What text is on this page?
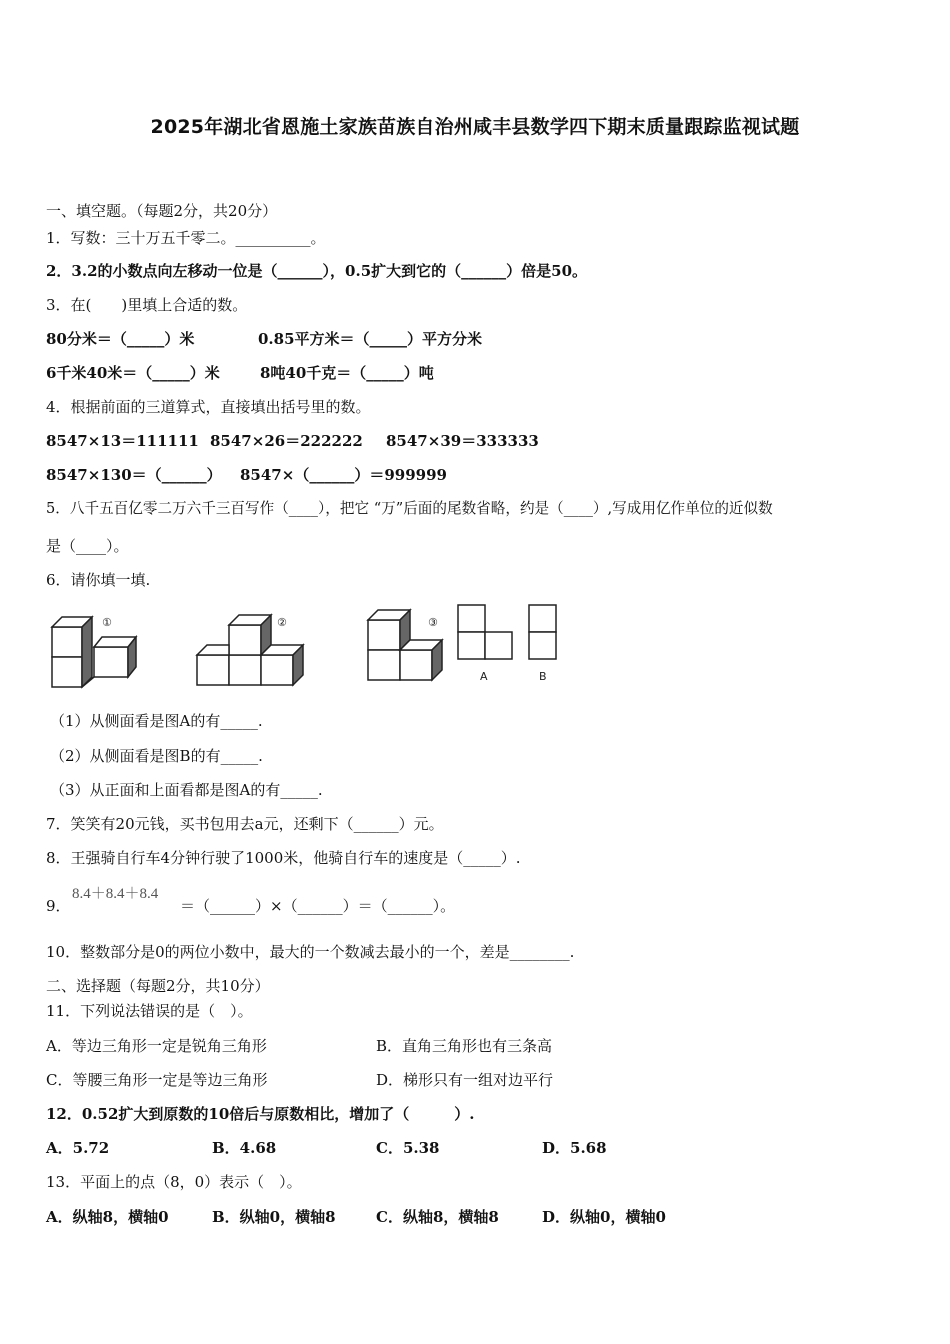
2025年湖北省恩施土家族苗族自治州咸丰县数学四下期末质量跟踪监视试题
一、填空题。（每题2分，共20分）
1．写数：三十万五千零二。__________。
2．3.2的小数点向左移动一位是（______），0.5扩大到它的（______）倍是50。
3．在(　　)里填上合适的数。
80分米＝（_____）米	0.85平方米＝（_____）平方分米
6千米40米＝（_____）米	8吨40千克＝（_____）吨
4．根据前面的三道算式，直接填出括号里的数。
8547×13＝111111 8547×26＝222222 8547×39＝333333
8547×130＝（______） 8547×（______）＝999999
5．八千五百亿零二万六千三百写作（____），把它 “万”后面的尾数省略，约是（____）,写成用亿作单位的近似数
是（____）。
6．请你填一填.
①	②	③
A	B
（1）从侧面看是图A的有_____.
（2）从侧面看是图B的有_____.
（3）从正面和上面看都是图A的有_____.
7．笑笑有20元钱，买书包用去a元，还剩下（______）元。
8．王强骑自行车4分钟行驶了1000米，他骑自行车的速度是（_____）.
8.4＋8.4＋8.4
9．	＝（______）×（______）＝（______）。
10．整数部分是0的两位小数中，最大的一个数减去最小的一个，差是________.
二、选择题（每题2分，共10分）
11．下列说法错误的是（　）。
A．等边三角形一定是锐角三角形	B．直角三角形也有三条高
C．等腰三角形一定是等边三角形	D．梯形只有一组对边平行
12．0.52扩大到原数的10倍后与原数相比，增加了（　　　）.
A．5.72	B．4.68	C．5.38	D．5.68
13．平面上的点（8，0）表示（　）。
A．纵轴8，横轴0	B．纵轴0，横轴8	C．纵轴8，横轴8	D．纵轴0，横轴0
